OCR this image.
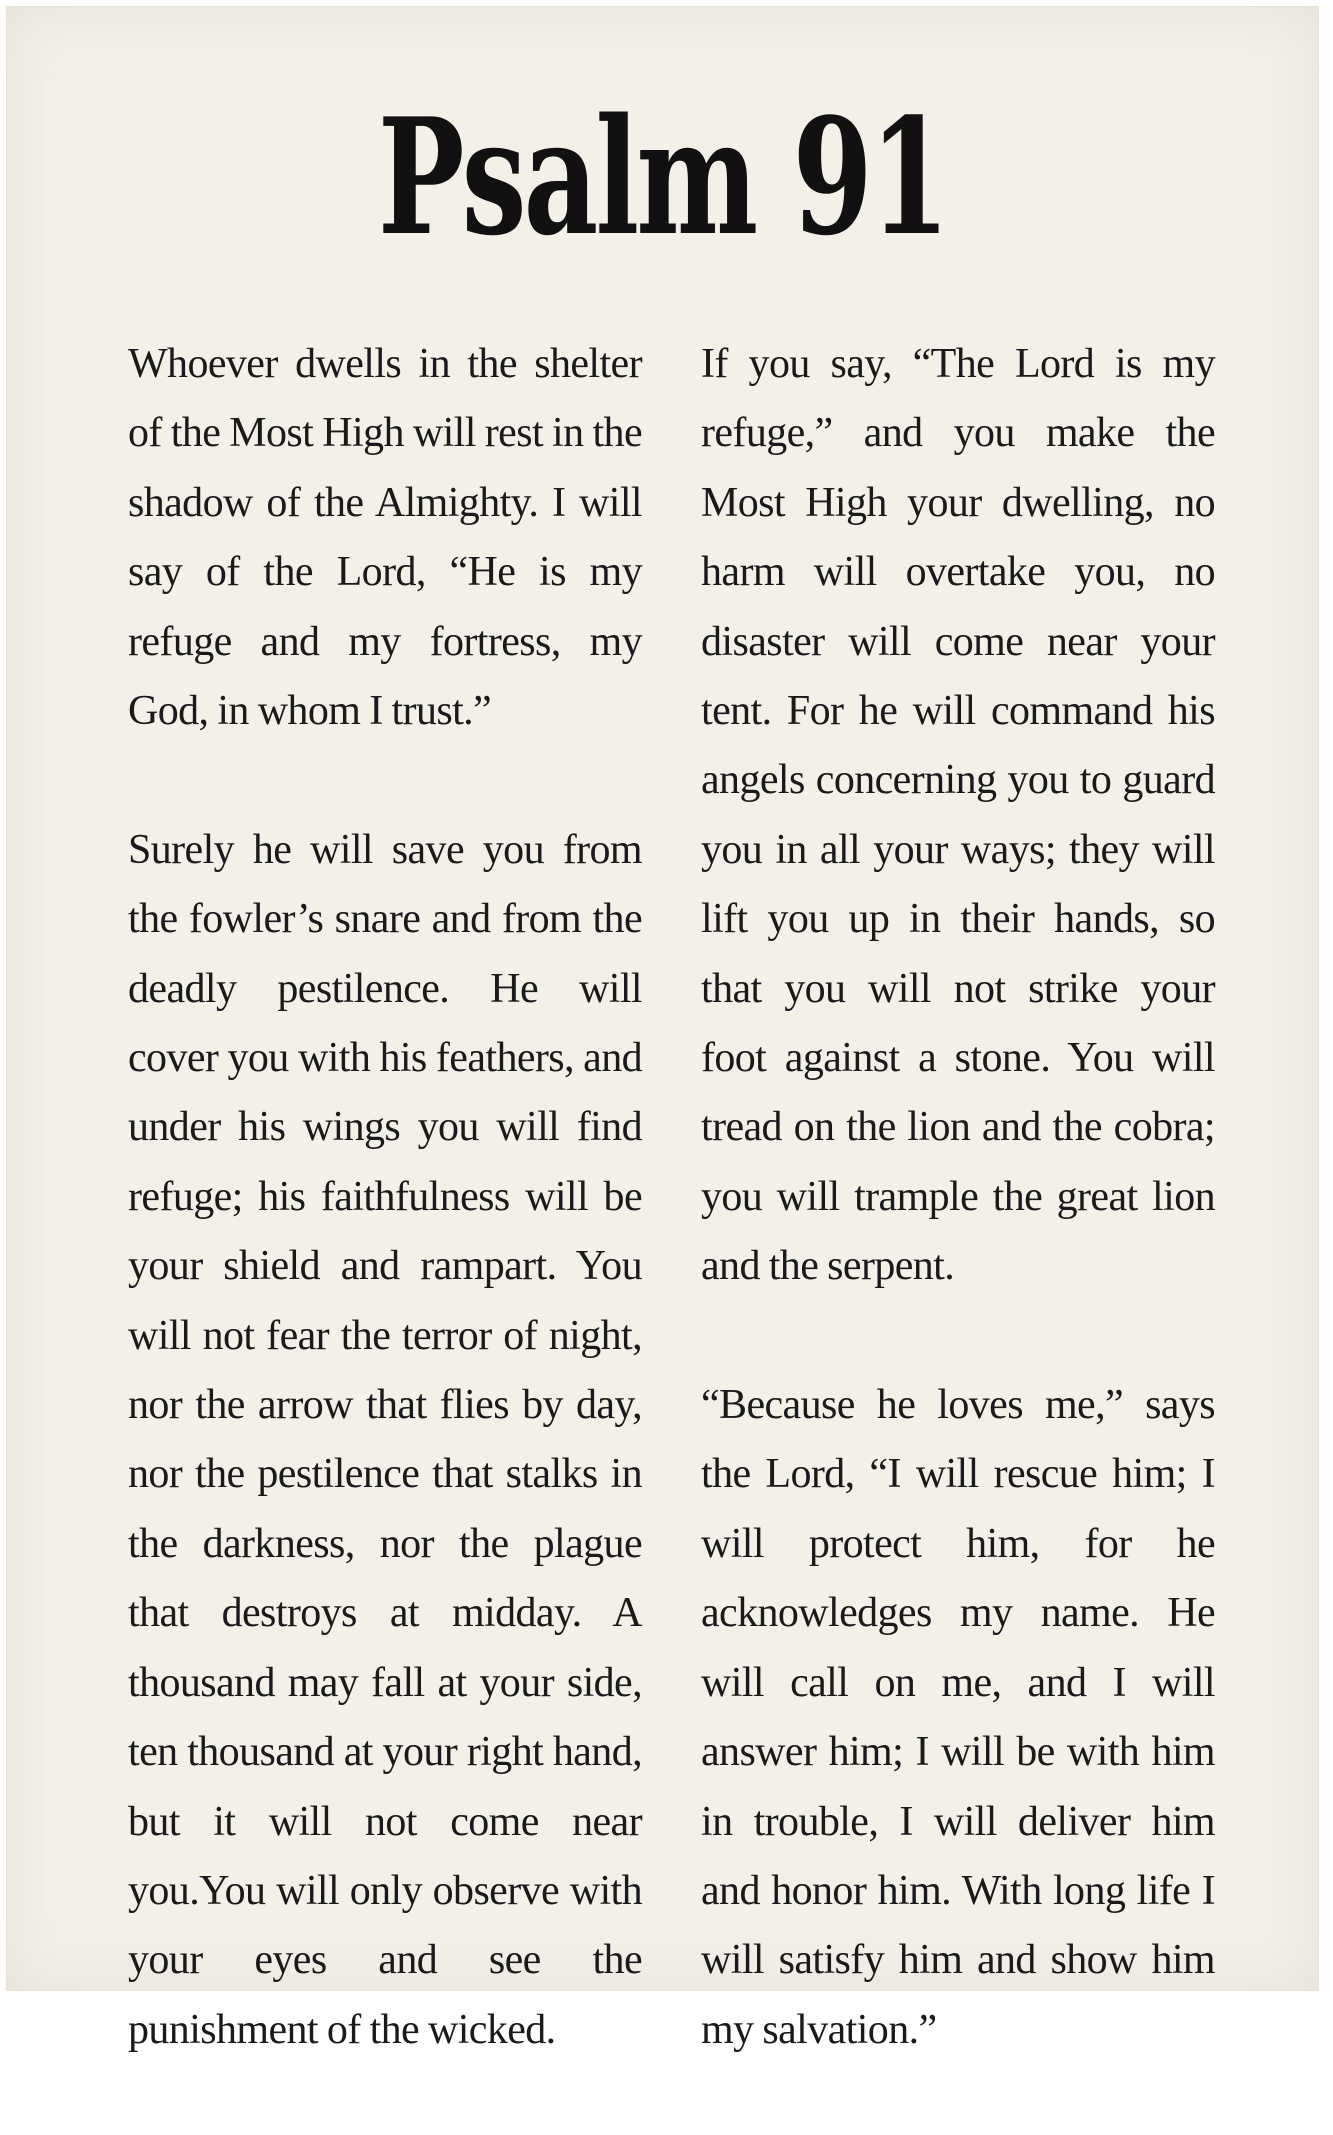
Psalm 91

Whoever dwells in the shelter of the Most High will rest in the shadow of the Almighty. I will say of the Lord, “He is my refuge and my fortress, my God, in whom I trust.”

Surely he will save you from the fowler’s snare and from the deadly pestilence. He will cover you with his feathers, and under his wings you will find refuge; his faithfulness will be your shield and rampart. You will not fear the terror of night, nor the arrow that flies by day, nor the pestilence that stalks in the darkness, nor the plague that destroys at midday. A thousand may fall at your side, ten thousand at your right hand, but it will not come near you.You will only observe with your eyes and see the punishment of the wicked.

If you say, “The Lord is my refuge,” and you make the Most High your dwelling, no harm will overtake you, no disaster will come near your tent. For he will command his angels concerning you to guard you in all your ways; they will lift you up in their hands, so that you will not strike your foot against a stone. You will tread on the lion and the cobra; you will trample the great lion and the serpent.

“Because he loves me,” says the Lord, “I will rescue him; I will protect him, for he acknowledges my name. He will call on me, and I will answer him; I will be with him in trouble, I will deliver him and honor him. With long life I will satisfy him and show him my salvation.”
